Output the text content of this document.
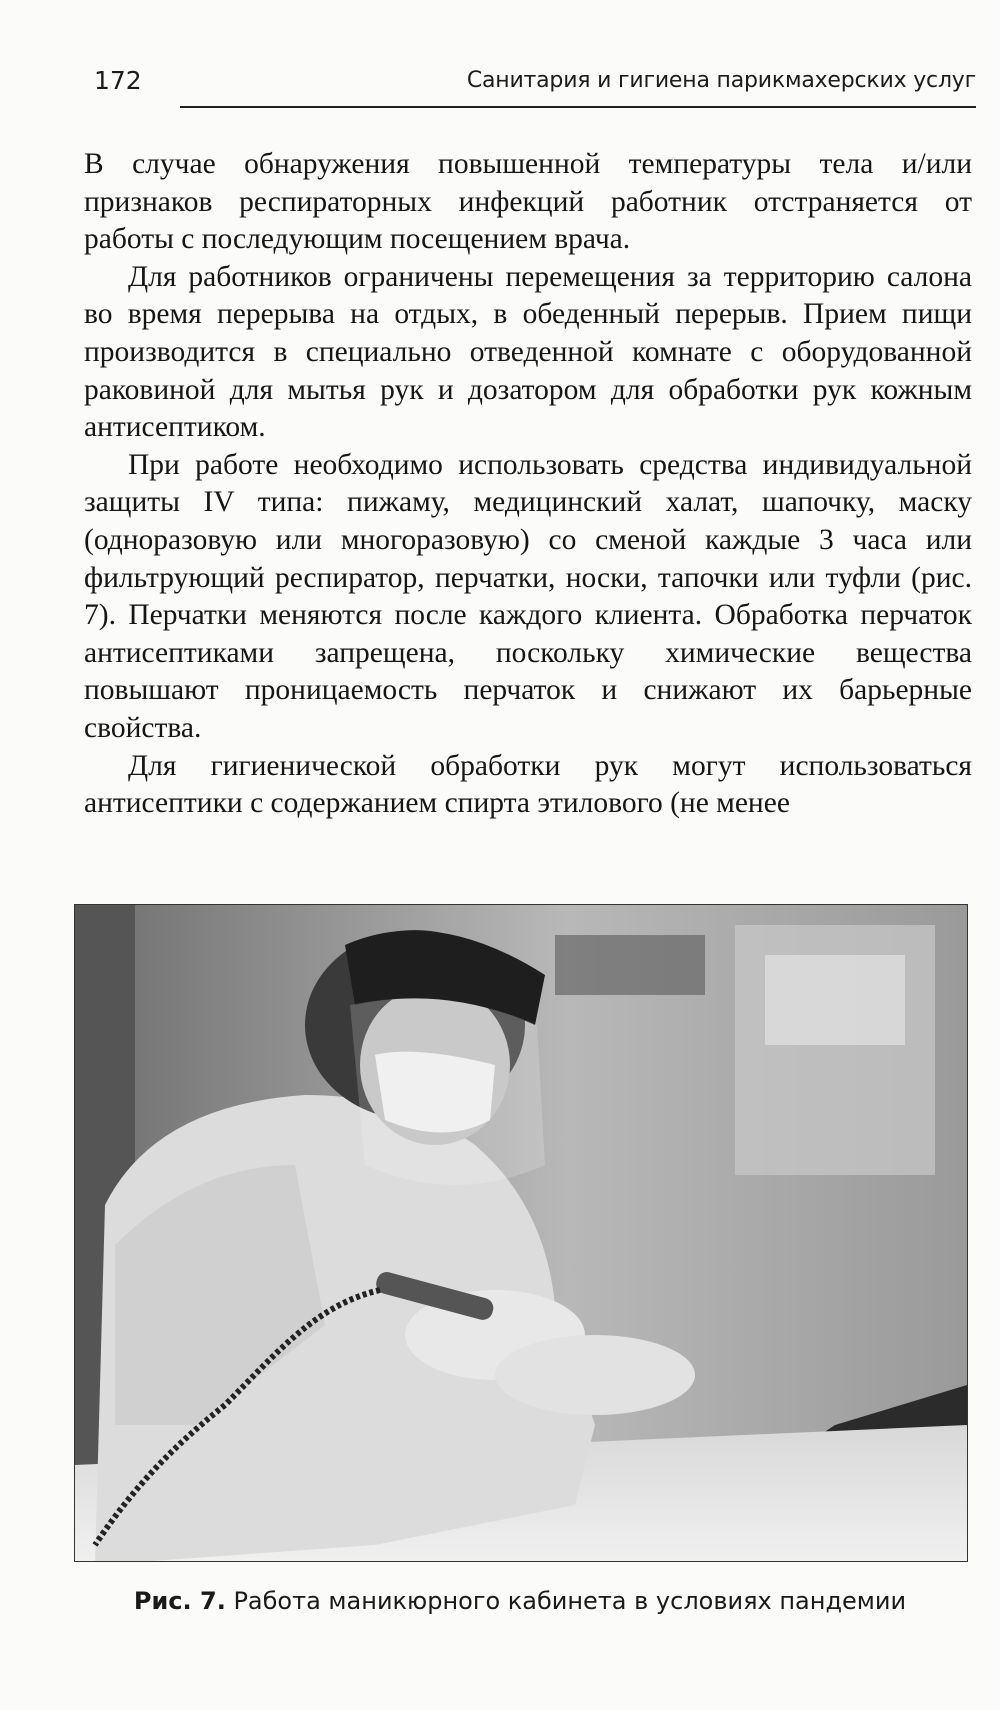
172	Санитария и гигиена парикмахерских услуг

В случае обнаружения повышенной температуры тела и/или признаков респираторных инфекций работник отстраняется от работы с последующим посещением врача.

Для работников ограничены перемещения за территорию салона во время перерыва на отдых, в обеденный перерыв. Прием пищи производится в специально отведенной комнате с оборудованной раковиной для мытья рук и дозатором для обработки рук кожным антисептиком.

При работе необходимо использовать средства индивидуальной защиты IV типа: пижаму, медицинский халат, шапочку, маску (одноразовую или многоразовую) со сменой каждые 3 часа или фильтрующий респиратор, перчатки, носки, тапочки или туфли (рис. 7). Перчатки меняются после каждого клиента. Обработка перчаток антисептиками запрещена, поскольку химические вещества повышают проницаемость перчаток и снижают их барьерные свойства.

Для гигиенической обработки рук могут использоваться антисептики с содержанием спирта этилового (не менее

Рис. 7. Работа маникюрного кабинета в условиях пандемии
